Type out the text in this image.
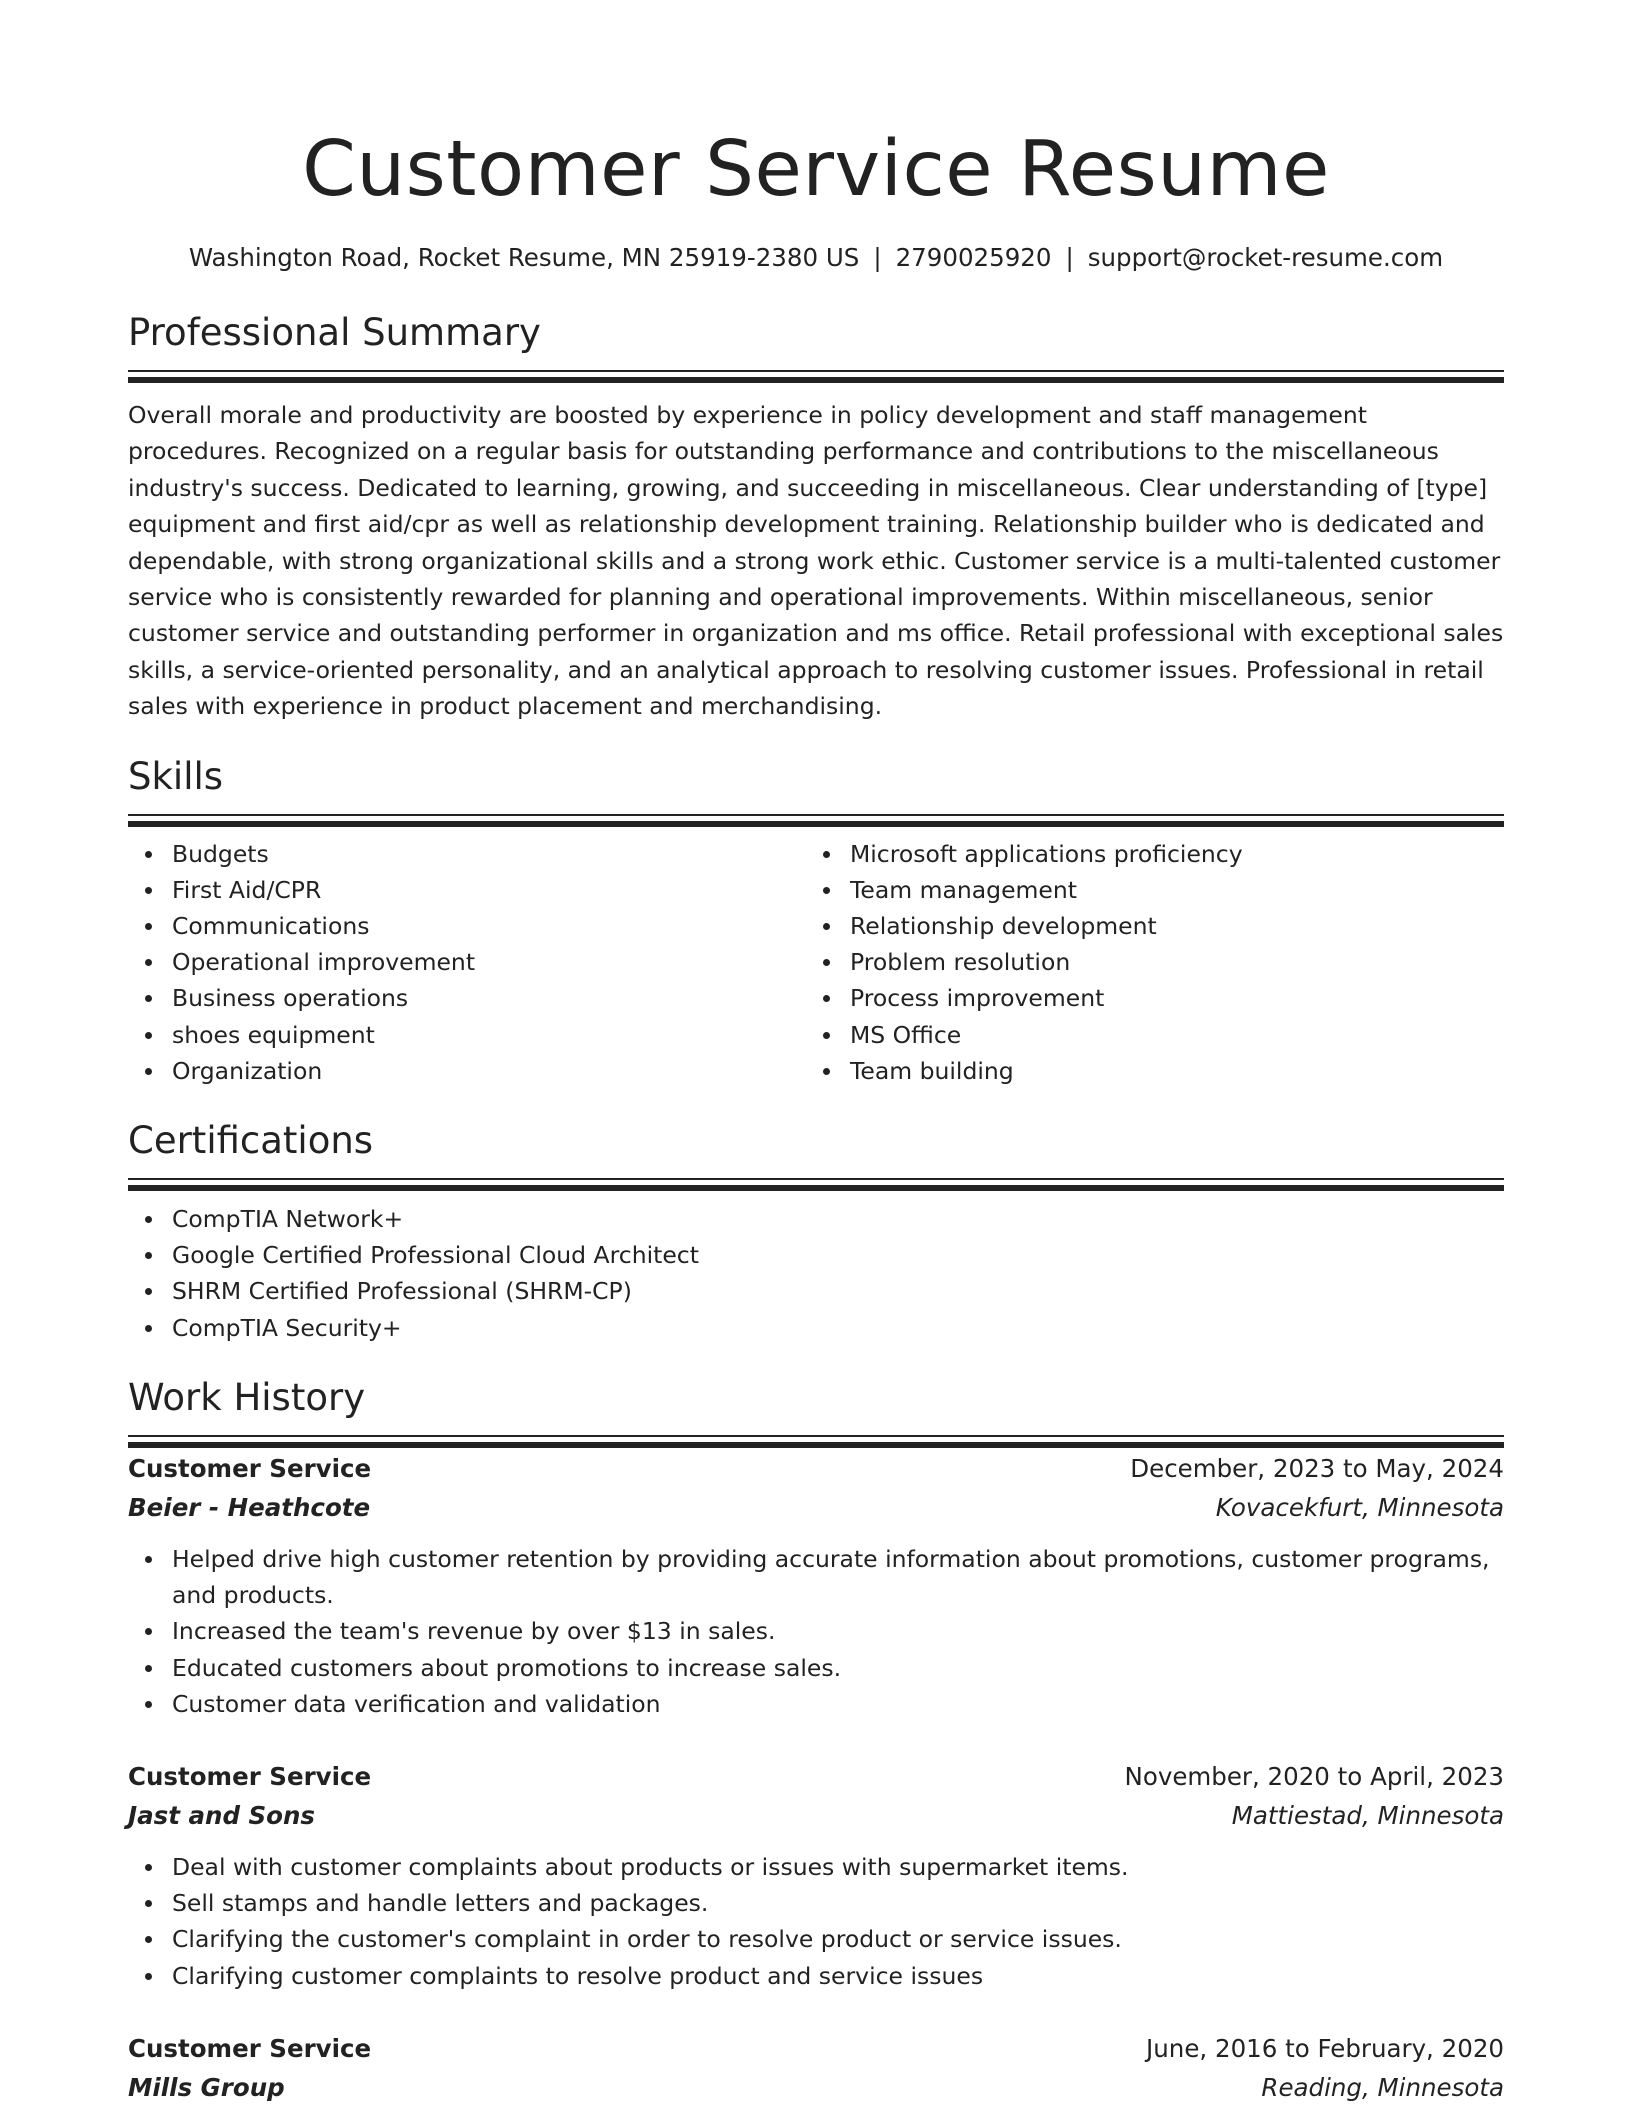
Customer Service Resume
Washington Road, Rocket Resume, MN 25919-2380 US | 2790025920 | support@rocket-resume.com
Professional Summary

Overall morale and productivity are boosted by experience in policy development and staff management procedures. Recognized on a regular basis for outstanding performance and contributions to the miscellaneous industry's success. Dedicated to learning, growing, and succeeding in miscellaneous. Clear understanding of [type] equipment and first aid/cpr as well as relationship development training. Relationship builder who is dedicated and dependable, with strong organizational skills and a strong work ethic. Customer service is a multi-talented customer service who is consistently rewarded for planning and operational improvements. Within miscellaneous, senior customer service and outstanding performer in organization and ms office. Retail professional with exceptional sales skills, a service-oriented personality, and an analytical approach to resolving customer issues. Professional in retail sales with experience in product placement and merchandising.

Skills
Budgets
First Aid/CPR
Communications
Operational improvement
Business operations
shoes equipment
Organization
Microsoft applications proficiency
Team management
Relationship development
Problem resolution
Process improvement
MS Office
Team building
Certifications
CompTIA Network+
Google Certified Professional Cloud Architect
SHRM Certified Professional (SHRM-CP)
CompTIA Security+
Work History
Customer Service	December, 2023 to May, 2024
Beier - Heathcote	Kovacekfurt, Minnesota
Helped drive high customer retention by providing accurate information about promotions, customer programs, and products.
Increased the team's revenue by over $13 in sales.
Educated customers about promotions to increase sales.
Customer data verification and validation
Customer Service	November, 2020 to April, 2023
Jast and Sons	Mattiestad, Minnesota
Deal with customer complaints about products or issues with supermarket items.
Sell stamps and handle letters and packages.
Clarifying the customer's complaint in order to resolve product or service issues.
Clarifying customer complaints to resolve product and service issues
Customer Service	June, 2016 to February, 2020
Mills Group	Reading, Minnesota
